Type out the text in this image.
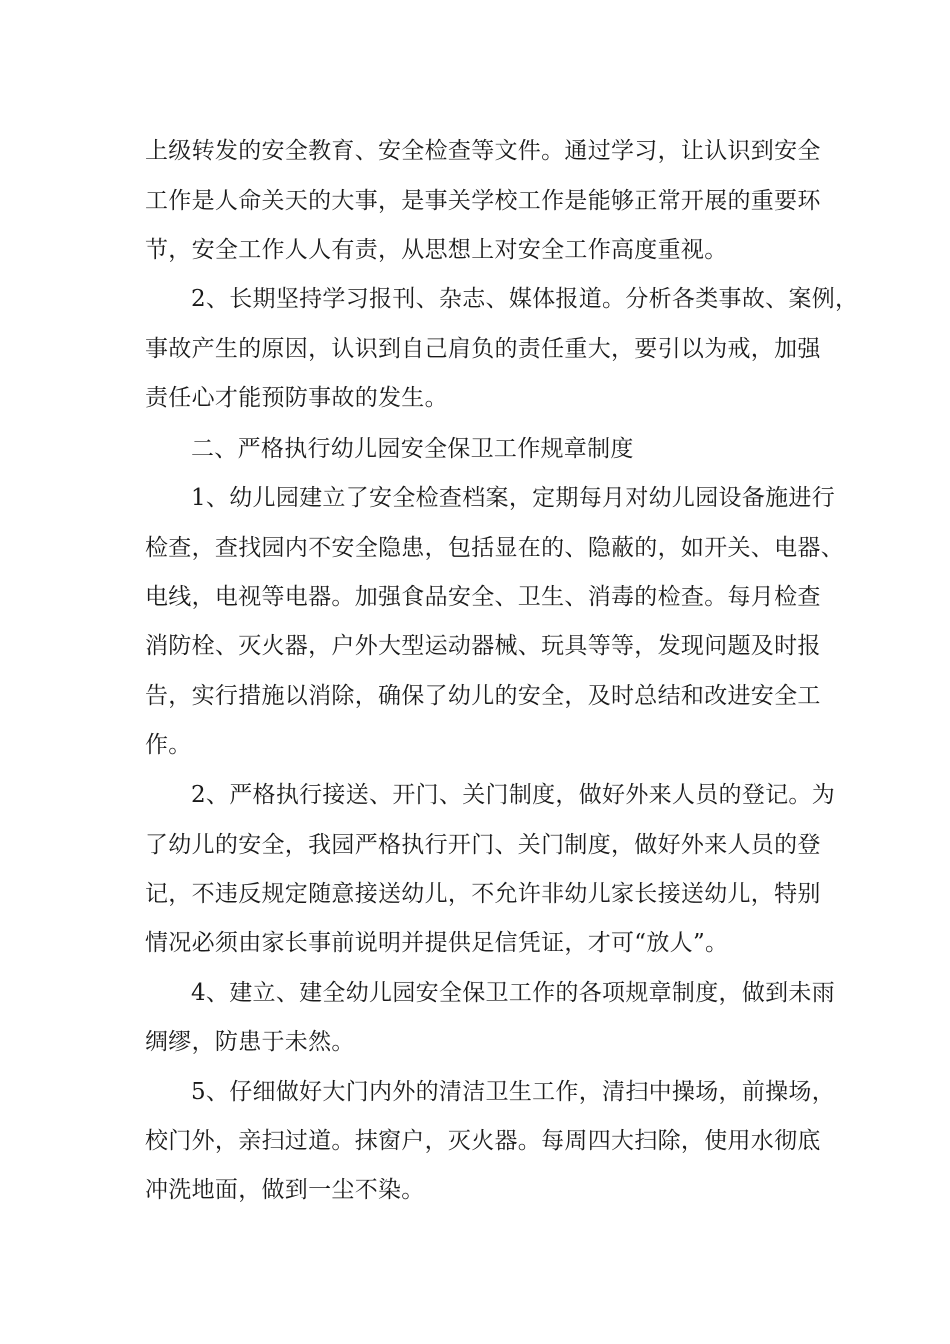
上级转发的安全教育、安全检查等文件。通过学习，让认识到安全
工作是人命关天的大事，是事关学校工作是能够正常开展的重要环
节，安全工作人人有责，从思想上对安全工作高度重视。
2、长期坚持学习报刊、杂志、媒体报道。分析各类事故、案例，
事故产生的原因，认识到自己肩负的责任重大，要引以为戒，加强
责任心才能预防事故的发生。
二、严格执行幼儿园安全保卫工作规章制度
1、幼儿园建立了安全检查档案，定期每月对幼儿园设备施进行
检查，查找园内不安全隐患，包括显在的、隐蔽的，如开关、电器、
电线，电视等电器。加强食品安全、卫生、消毒的检查。每月检查
消防栓、灭火器，户外大型运动器械、玩具等等，发现问题及时报
告，实行措施以消除，确保了幼儿的安全，及时总结和改进安全工
作。
2、严格执行接送、开门、关门制度，做好外来人员的登记。为
了幼儿的安全，我园严格执行开门、关门制度，做好外来人员的登
记，不违反规定随意接送幼儿，不允许非幼儿家长接送幼儿，特别
情况必须由家长事前说明并提供足信凭证，才可“放人”。
4、建立、建全幼儿园安全保卫工作的各项规章制度，做到未雨
绸缪，防患于未然。
5、仔细做好大门内外的清洁卫生工作，清扫中操场，前操场，
校门外，亲扫过道。抹窗户，灭火器。每周四大扫除，使用水彻底
冲洗地面，做到一尘不染。
